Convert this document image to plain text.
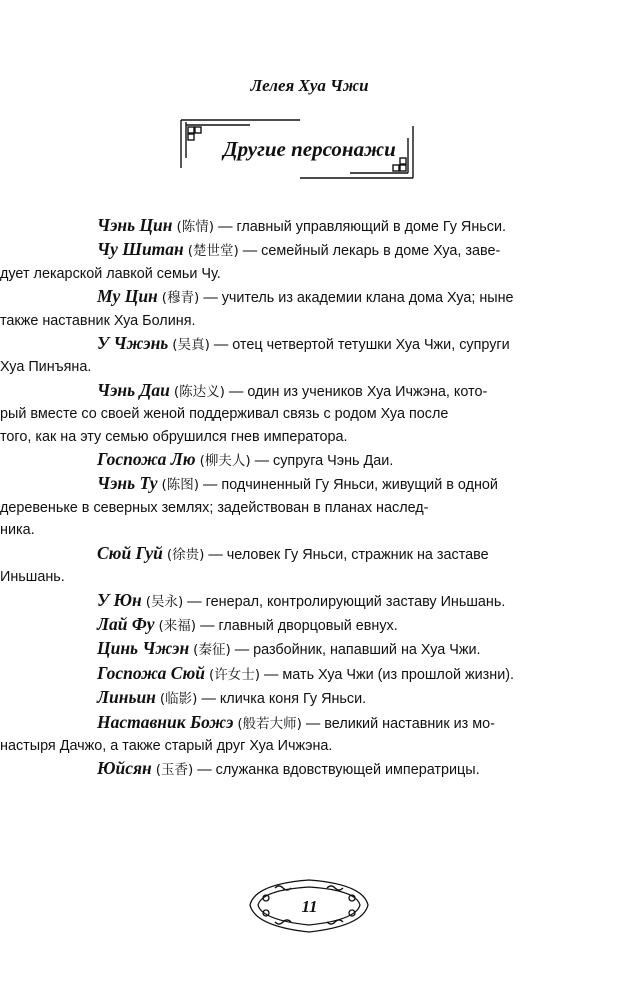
Лелея Хуа Чжи
Другие персонажи
Чэнь Цин (陈情) — главный управляющий в доме Гу Яньси.
Чу Шитан (楚世堂) — семейный лекарь в доме Хуа, заве-
дует лекарской лавкой семьи Чу.
Му Цин (穆青) — учитель из академии клана дома Хуа; ныне
также наставник Хуа Болиня.
У Чжэнь (吴真) — отец четвертой тетушки Хуа Чжи, супруги
Хуа Пинъяна.
Чэнь Даи (陈达义) — один из учеников Хуа Ичжэна, кото-
рый вместе со своей женой поддерживал связь с родом Хуа после
того, как на эту семью обрушился гнев императора.
Госпожа Лю (柳夫人) — супруга Чэнь Даи.
Чэнь Ту (陈图) — подчиненный Гу Яньси, живущий в одной
деревеньке в северных землях; задействован в планах наслед-
ника.
Сюй Гуй (徐贵) — человек Гу Яньси, стражник на заставе
Иньшань.
У Юн (吴永) — генерал, контролирующий заставу Иньшань.
Лай Фу (来福) — главный дворцовый евнух.
Цинь Чжэн (秦征) — разбойник, напавший на Хуа Чжи.
Госпожа Сюй (许女士) — мать Хуа Чжи (из прошлой жизни).
Линьин (临影) — кличка коня Гу Яньси.
Наставник Божэ (般若大师) — великий наставник из мо-
настыря Дачжо, а также старый друг Хуа Ичжэна.
Юйсян (玉香) — служанка вдовствующей императрицы.
11
